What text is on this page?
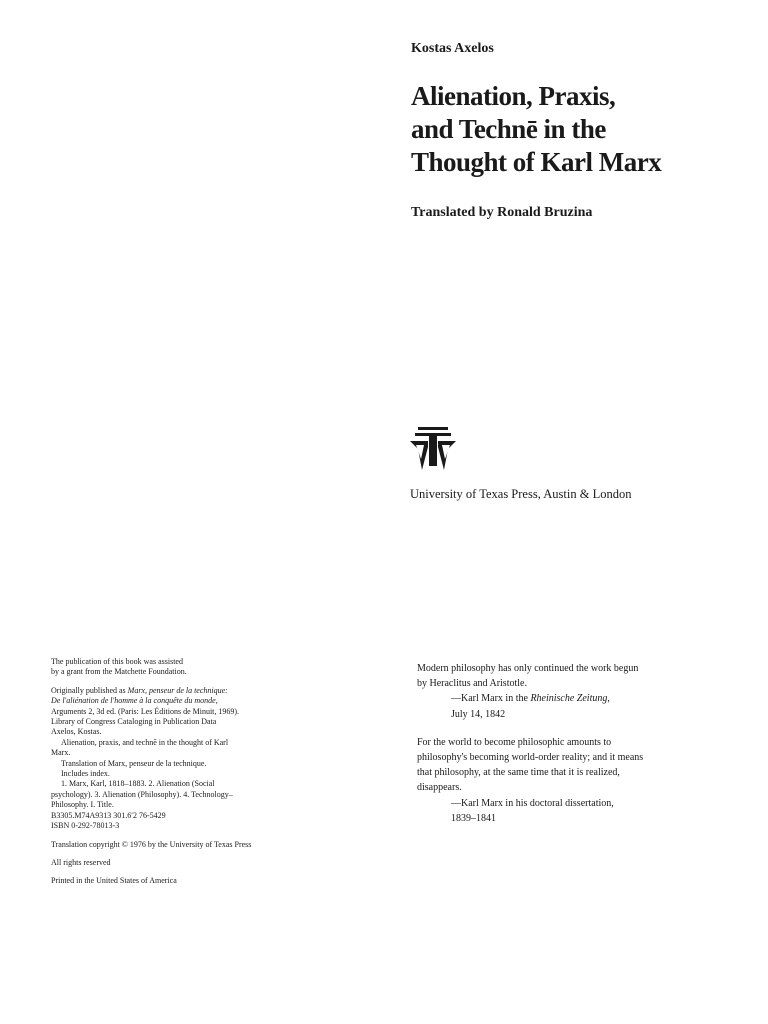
Kostas Axelos
Alienation, Praxis,
and Technē in the
Thought of Karl Marx
Translated by Ronald Bruzina
University of Texas Press, Austin & London

The publication of this book was assisted

by a grant from the Matchette Foundation.

Originally published as Marx, penseur de la technique:

De l'aliénation de l'homme à la conquête du monde,

Arguments 2, 3d ed. (Paris: Les Éditions de Minuit, 1969).

Library of Congress Cataloging in Publication Data

Axelos, Kostas.

Alienation, praxis, and technē in the thought of Karl

Marx.

Translation of Marx, penseur de la technique.

Includes index.

1. Marx, Karl, 1818–1883. 2. Alienation (Social

psychology). 3. Alienation (Philosophy). 4. Technology–

Philosophy. I. Title.

B3305.M74A9313 301.6′2 76-5429

ISBN 0-292-78013-3

Translation copyright © 1976 by the University of Texas Press

All rights reserved

Printed in the United States of America

Modern philosophy has only continued the work begun

by Heraclitus and Aristotle.

—Karl Marx in the Rheinische Zeitung,

July 14, 1842

For the world to become philosophic amounts to

philosophy's becoming world-order reality; and it means

that philosophy, at the same time that it is realized,

disappears.

—Karl Marx in his doctoral dissertation,

1839–1841
